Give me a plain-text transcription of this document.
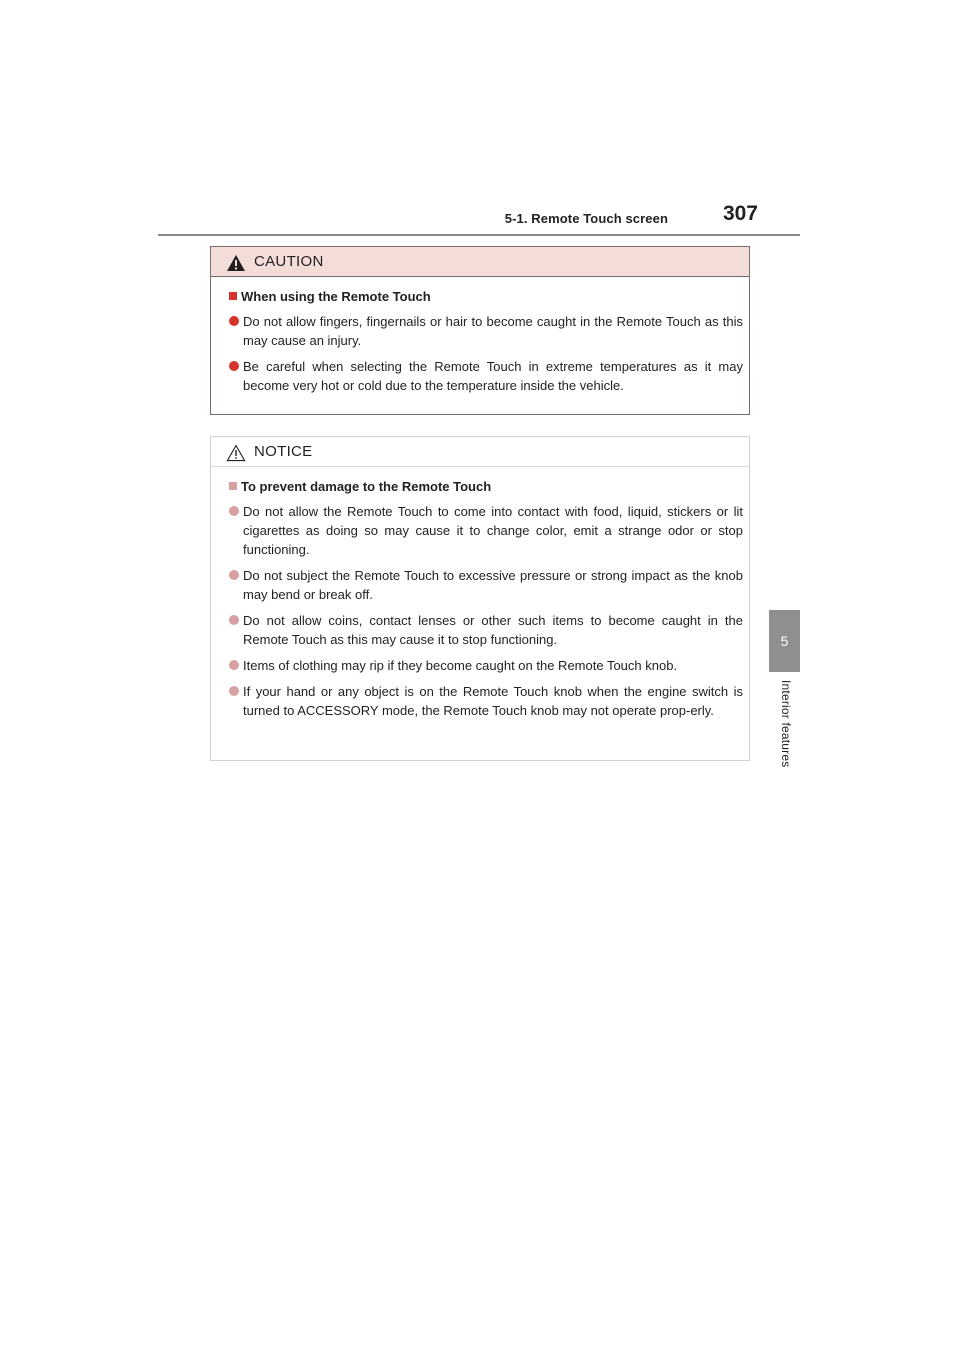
5-1. Remote Touch screen	307
5
Interior features
CAUTION
When using the Remote Touch
Do not allow fingers, fingernails or hair to become caught in the Remote Touch as this may cause an injury.
Be careful when selecting the Remote Touch in extreme temperatures as it may become very hot or cold due to the temperature inside the vehicle.
NOTICE
To prevent damage to the Remote Touch
Do not allow the Remote Touch to come into contact with food, liquid, stickers or lit cigarettes as doing so may cause it to change color, emit a strange odor or stop functioning.
Do not subject the Remote Touch to excessive pressure or strong impact as the knob may bend or break off.
Do not allow coins, contact lenses or other such items to become caught in the Remote Touch as this may cause it to stop functioning.
Items of clothing may rip if they become caught on the Remote Touch knob.
If your hand or any object is on the Remote Touch knob when the engine switch is turned to ACCESSORY mode, the Remote Touch knob may not operate prop-erly.
